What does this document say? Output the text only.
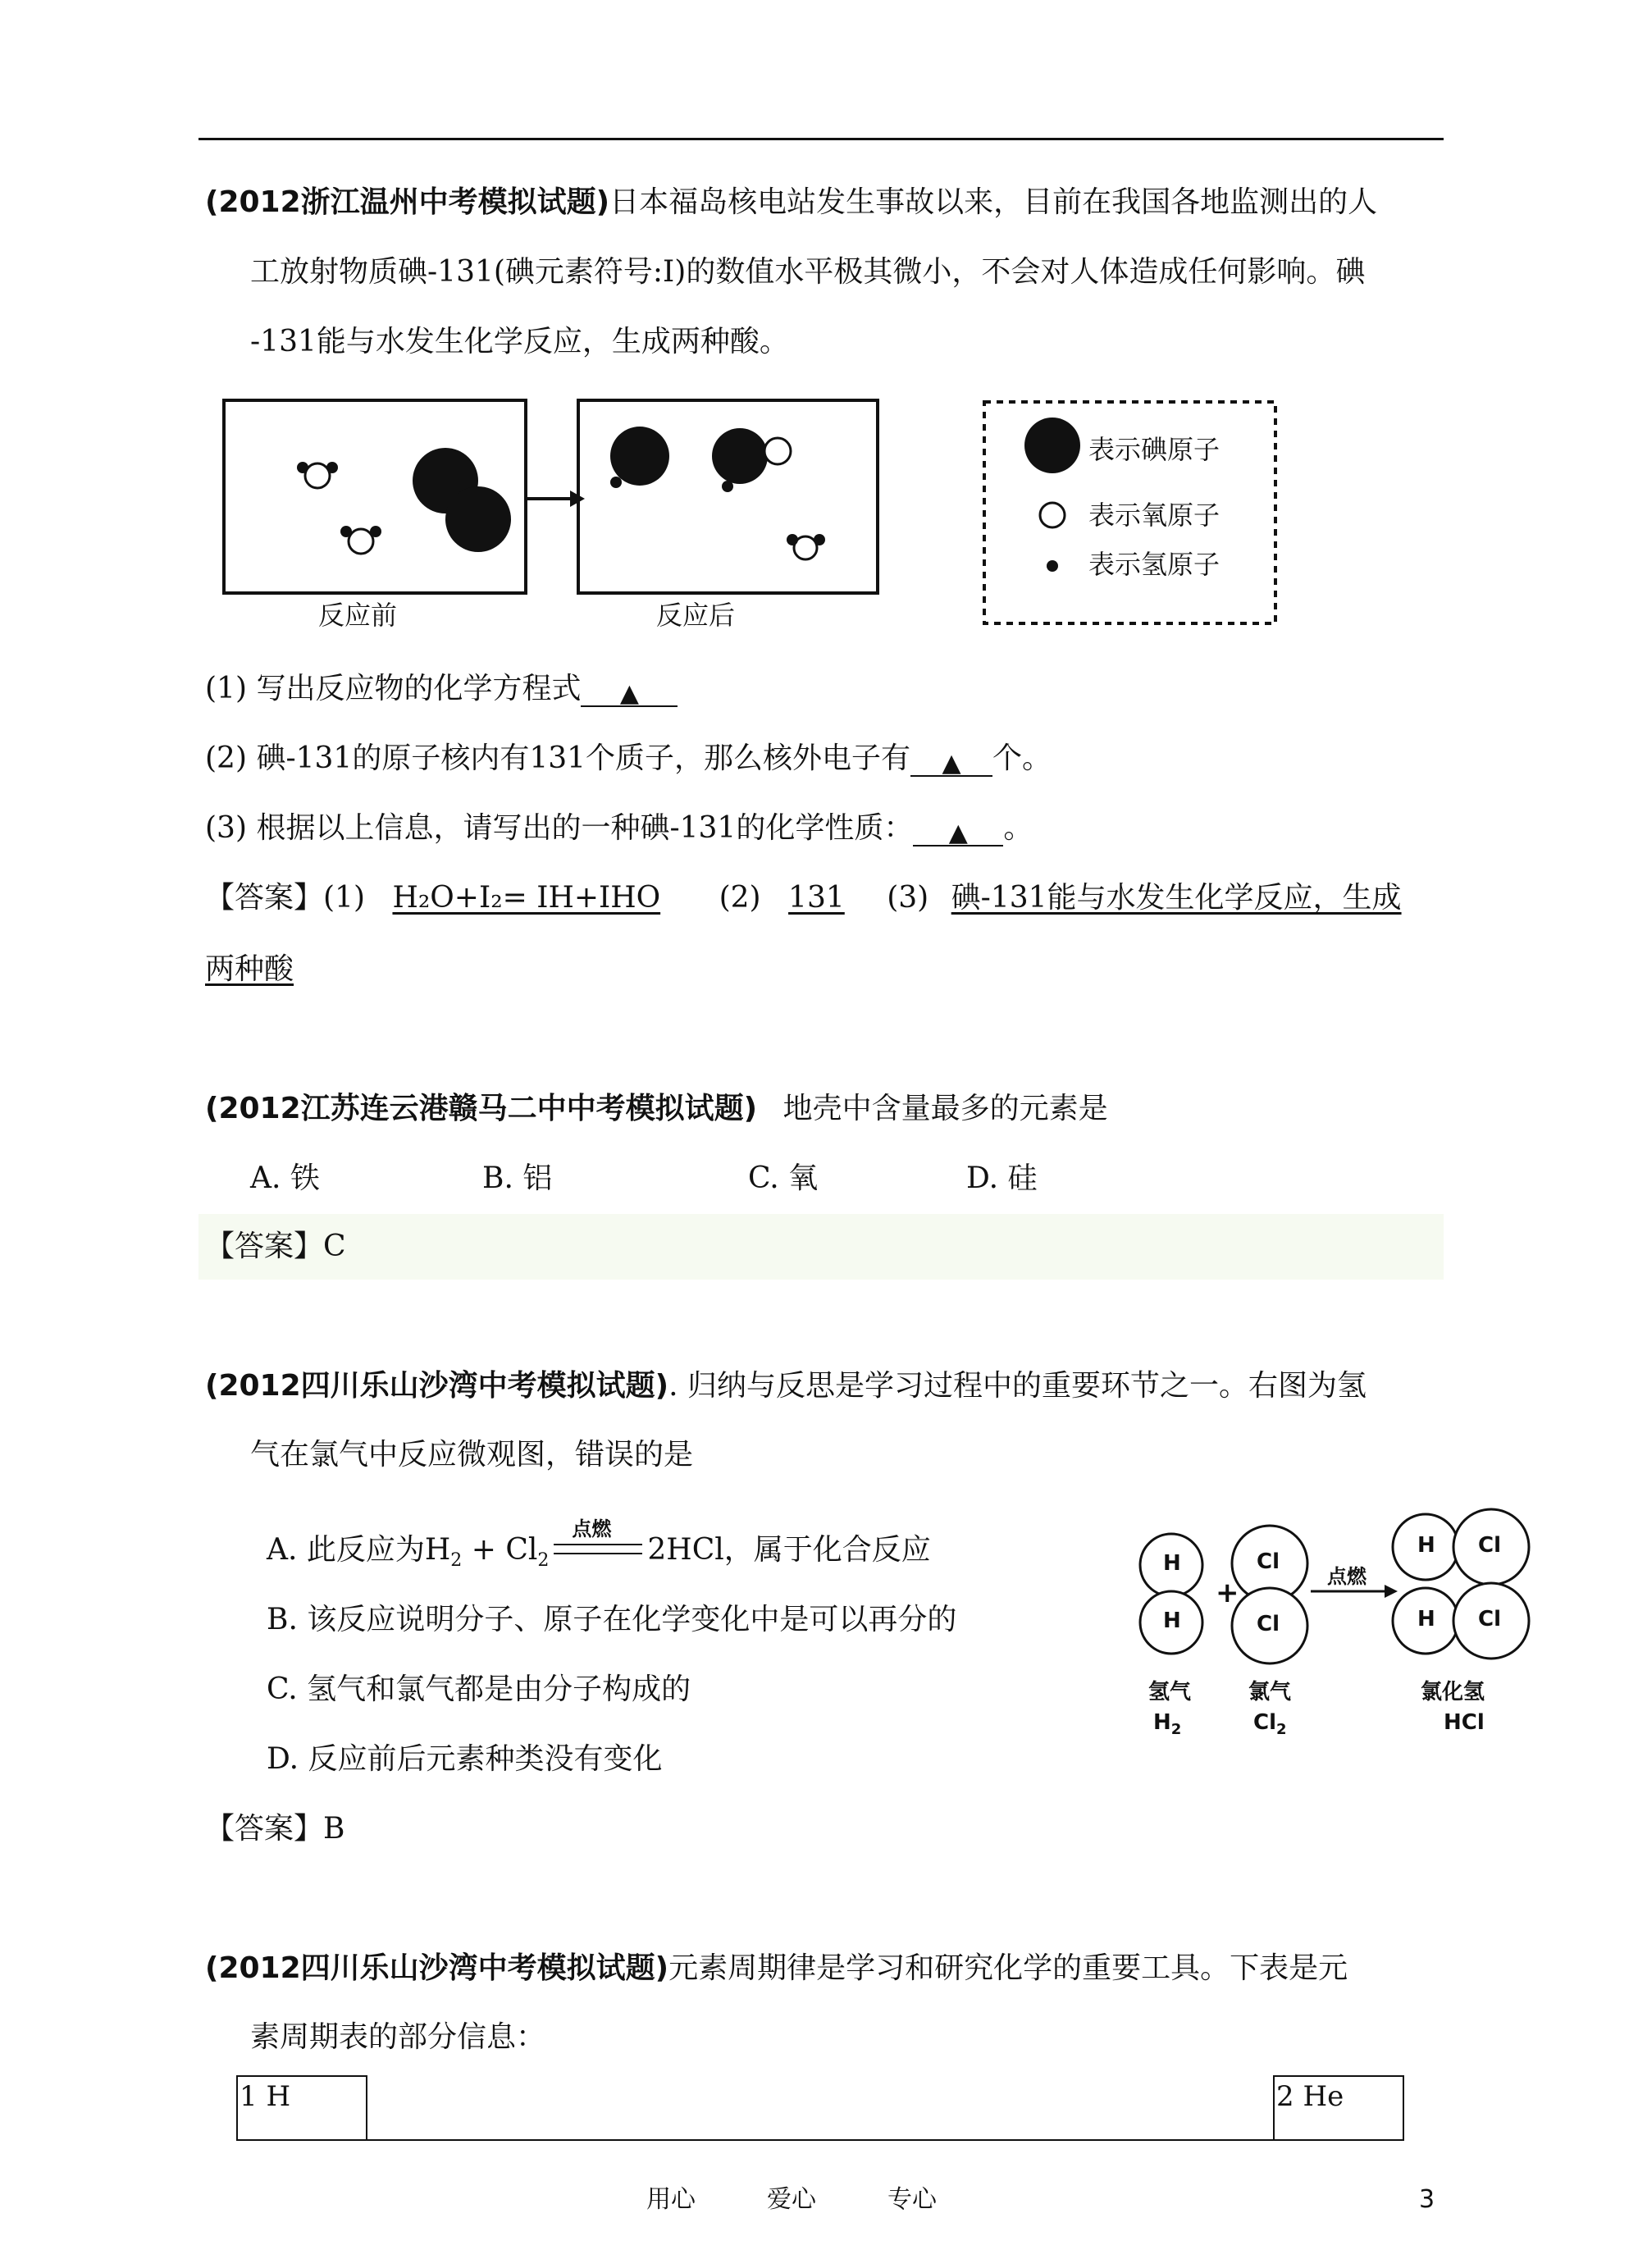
(2012浙江温州中考模拟试题)日本福岛核电站发生事故以来，目前在我国各地监测出的人
工放射物质碘-131(碘元素符号:I)的数值水平极其微小，不会对人体造成任何影响。碘
-131能与水发生化学反应，生成两种酸。
表示碘原子
表示氧原子
表示氢原子
反应前	反应后
(1) 写出反应物的化学方程式 ▲
(2) 碘-131的原子核内有131个质子，那么核外电子有 ▲ 个。
(3) 根据以上信息，请写出的一种碘-131的化学性质： ▲ 。
【答案】(1) H₂O+I₂= IH+IHO (2) 131 (3) 碘-131能与水发生化学反应，生成
两种酸
(2012江苏连云港赣马二中中考模拟试题) 地壳中含量最多的元素是
A. 铁	B. 铝	C. 氧	D. 硅
【答案】C
(2012四川乐山沙湾中考模拟试题). 归纳与反思是学习过程中的重要环节之一。右图为氢
气在氯气中反应微观图，错误的是
A. 此反应为$H_2 + Cl_2$
点燃
2HCl，属于化合反应
B. 该反应说明分子、原子在化学变化中是可以再分的
C. 氢气和氯气都是由分子构成的
D. 反应前后元素种类没有变化
H
H
Cl
Cl
+	点燃
H Cl
H Cl
氢气	氯气	氯化氢
$H_2$	$Cl_2$	HCl
【答案】B
(2012四川乐山沙湾中考模拟试题)元素周期律是学习和研究化学的重要工具。下表是元
素周期表的部分信息：
1 H	2 He
用心	爱心	专心	3
